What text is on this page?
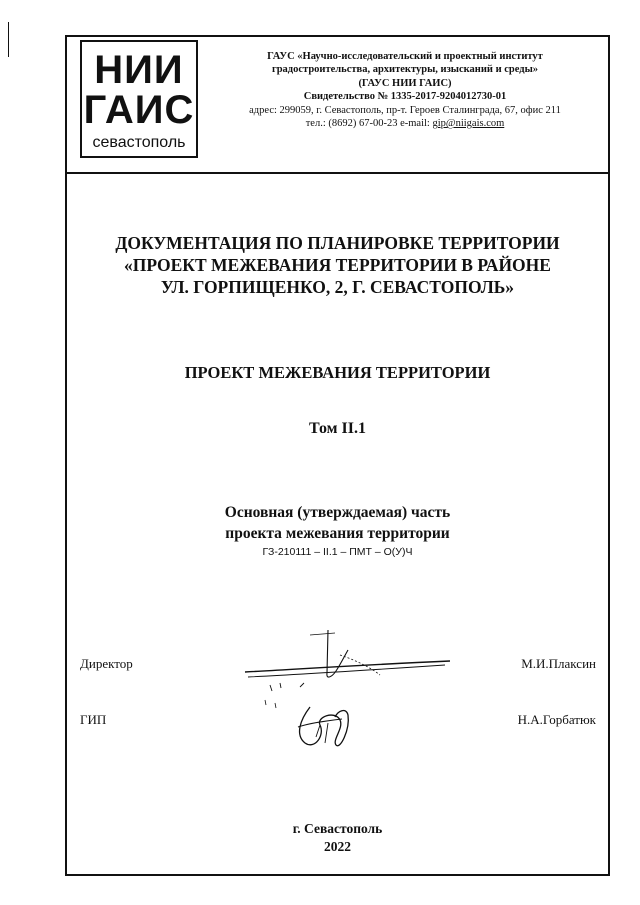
НИИ
ГАИС
севастополь
ГАУС «Научно-исследовательский и проектный институт
градостроительства, архитектуры, изысканий и среды»
(ГАУС НИИ ГАИС)
Свидетельство № 1335-2017-9204012730-01
адрес: 299059, г. Севастополь, пр-т. Героев Сталинграда, 67, офис 211
тел.: (8692) 67-00-23 e-mail: gip@niigais.com
ДОКУМЕНТАЦИЯ ПО ПЛАНИРОВКЕ ТЕРРИТОРИИ
«ПРОЕКТ МЕЖЕВАНИЯ ТЕРРИТОРИИ В РАЙОНЕ
УЛ. ГОРПИЩЕНКО, 2, Г. СЕВАСТОПОЛЬ»
ПРОЕКТ МЕЖЕВАНИЯ ТЕРРИТОРИИ
Том II.1
Основная (утверждаемая) часть
проекта межевания территории
ГЗ-210111 – II.1 – ПМТ – О(У)Ч
Директор	М.И.Плаксин
ГИП	Н.А.Горбатюк
г. Севастополь
2022
